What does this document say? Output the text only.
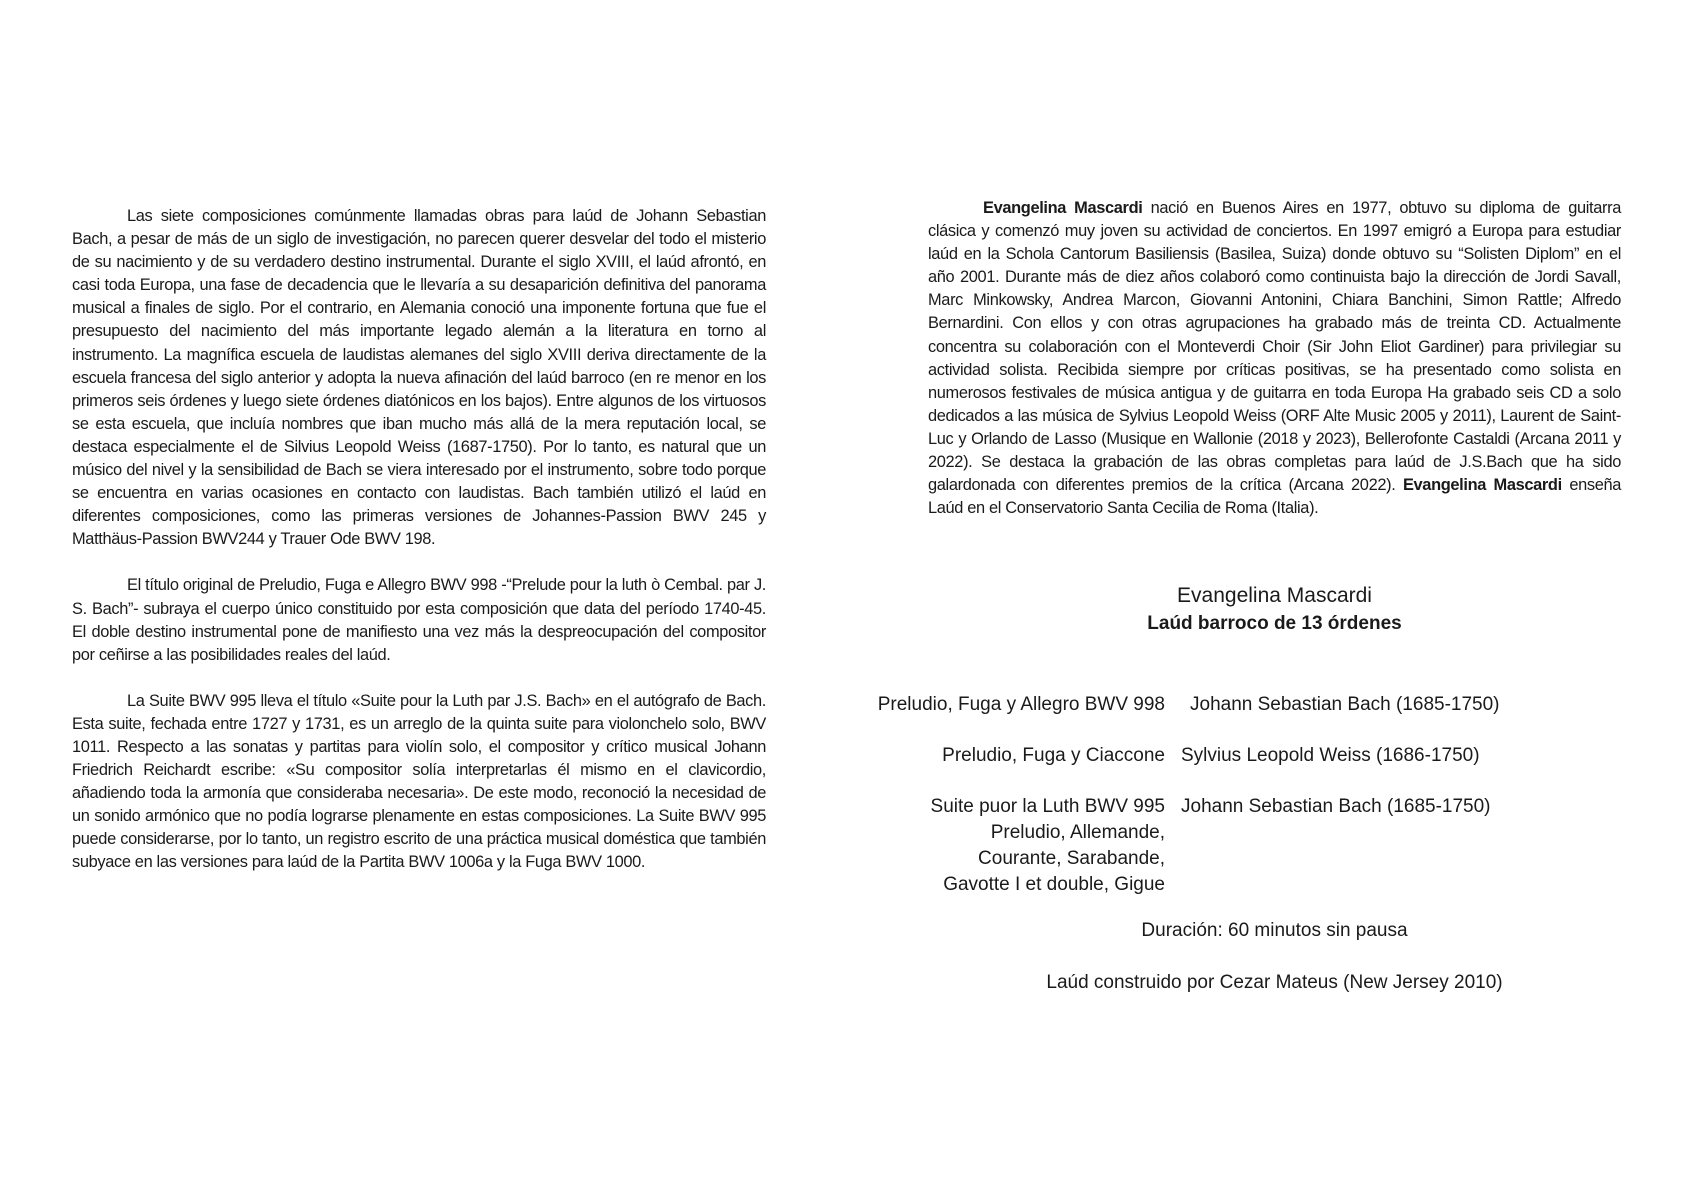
Las siete composiciones comúnmente llamadas obras para laúd de Johann Sebastian Bach, a pesar de más de un siglo de investigación, no parecen querer desvelar del todo el misterio de su nacimiento y de su verdadero destino instrumental. Durante el siglo XVIII, el laúd afrontó, en casi toda Europa, una fase de decadencia que le llevaría a su desaparición definitiva del panorama musical a finales de siglo. Por el contrario, en Alemania conoció una imponente fortuna que fue el presupuesto del nacimiento del más importante legado alemán a la literatura en torno al instrumento. La magnífica escuela de laudistas alemanes del siglo XVIII deriva directamente de la escuela francesa del siglo anterior y adopta la nueva afinación del laúd barroco (en re menor en los primeros seis órdenes y luego siete órdenes diatónicos en los bajos). Entre algunos de los virtuosos se esta escuela, que incluía nombres que iban mucho más allá de la mera reputación local, se destaca especialmente el de Silvius Leopold Weiss (1687-1750). Por lo tanto, es natural que un músico del nivel y la sensibilidad de Bach se viera interesado por el instrumento, sobre todo porque se encuentra en varias ocasiones en contacto con laudistas. Bach también utilizó el laúd en diferentes composiciones, como las primeras versiones de Johannes-Passion BWV 245 y Matthäus-Passion BWV244 y Trauer Ode BWV 198.

El título original de Preludio, Fuga e Allegro BWV 998 -“Prelude pour la luth ò Cembal. par J. S. Bach”- subraya el cuerpo único constituido por esta composición que data del período 1740-45. El doble destino instrumental pone de manifiesto una vez más la despreocupación del compositor por ceñirse a las posibilidades reales del laúd.

La Suite BWV 995 lleva el título «Suite pour la Luth par J.S. Bach» en el autógrafo de Bach. Esta suite, fechada entre 1727 y 1731, es un arreglo de la quinta suite para violonchelo solo, BWV 1011. Respecto a las sonatas y partitas para violín solo, el compositor y crítico musical Johann Friedrich Reichardt escribe: «Su compositor solía interpretarlas él mismo en el clavicordio, añadiendo toda la armonía que consideraba necesaria». De este modo, reconoció la necesidad de un sonido armónico que no podía lograrse plenamente en estas composiciones. La Suite BWV 995 puede considerarse, por lo tanto, un registro escrito de una práctica musical doméstica que también subyace en las versiones para laúd de la Partita BWV 1006a y la Fuga BWV 1000.

Evangelina Mascardi nació en Buenos Aires en 1977, obtuvo su diploma de guitarra clásica y comenzó muy joven su actividad de conciertos. En 1997 emigró a Europa para estudiar laúd en la Schola Cantorum Basiliensis (Basilea, Suiza) donde obtuvo su “Solisten Diplom” en el año 2001. Durante más de diez años colaboró como continuista bajo la dirección de Jordi Savall, Marc Minkowsky, Andrea Marcon, Giovanni Antonini, Chiara Banchini, Simon Rattle; Alfredo Bernardini. Con ellos y con otras agrupaciones ha grabado más de treinta CD. Actualmente concentra su colaboración con el Monteverdi Choir (Sir John Eliot Gardiner) para privilegiar su actividad solista. Recibida siempre por críticas positivas, se ha presentado como solista en numerosos festivales de música antigua y de guitarra en toda Europa Ha grabado seis CD a solo dedicados a las música de Sylvius Leopold Weiss (ORF Alte Music 2005 y 2011), Laurent de Saint-Luc y Orlando de Lasso (Musique en Wallonie (2018 y 2023), Bellerofonte Castaldi (Arcana 2011 y 2022). Se destaca la grabación de las obras completas para laúd de J.S.Bach que ha sido galardonada con diferentes premios de la crítica (Arcana 2022). Evangelina Mascardi enseña Laúd en el Conservatorio Santa Cecilia de Roma (Italia).

Evangelina Mascardi
Laúd barroco de 13 órdenes
Preludio, Fuga y Allegro BWV 998 Johann Sebastian Bach (1685-1750)
Preludio, Fuga y Ciaccone Sylvius Leopold Weiss (1686-1750)
Suite puor la Luth BWV 995
Preludio, Allemande,
Courante, Sarabande,
Gavotte I et double, Gigue
Johann Sebastian Bach (1685-1750)
Duración: 60 minutos sin pausa
Laúd construido por Cezar Mateus (New Jersey 2010)
